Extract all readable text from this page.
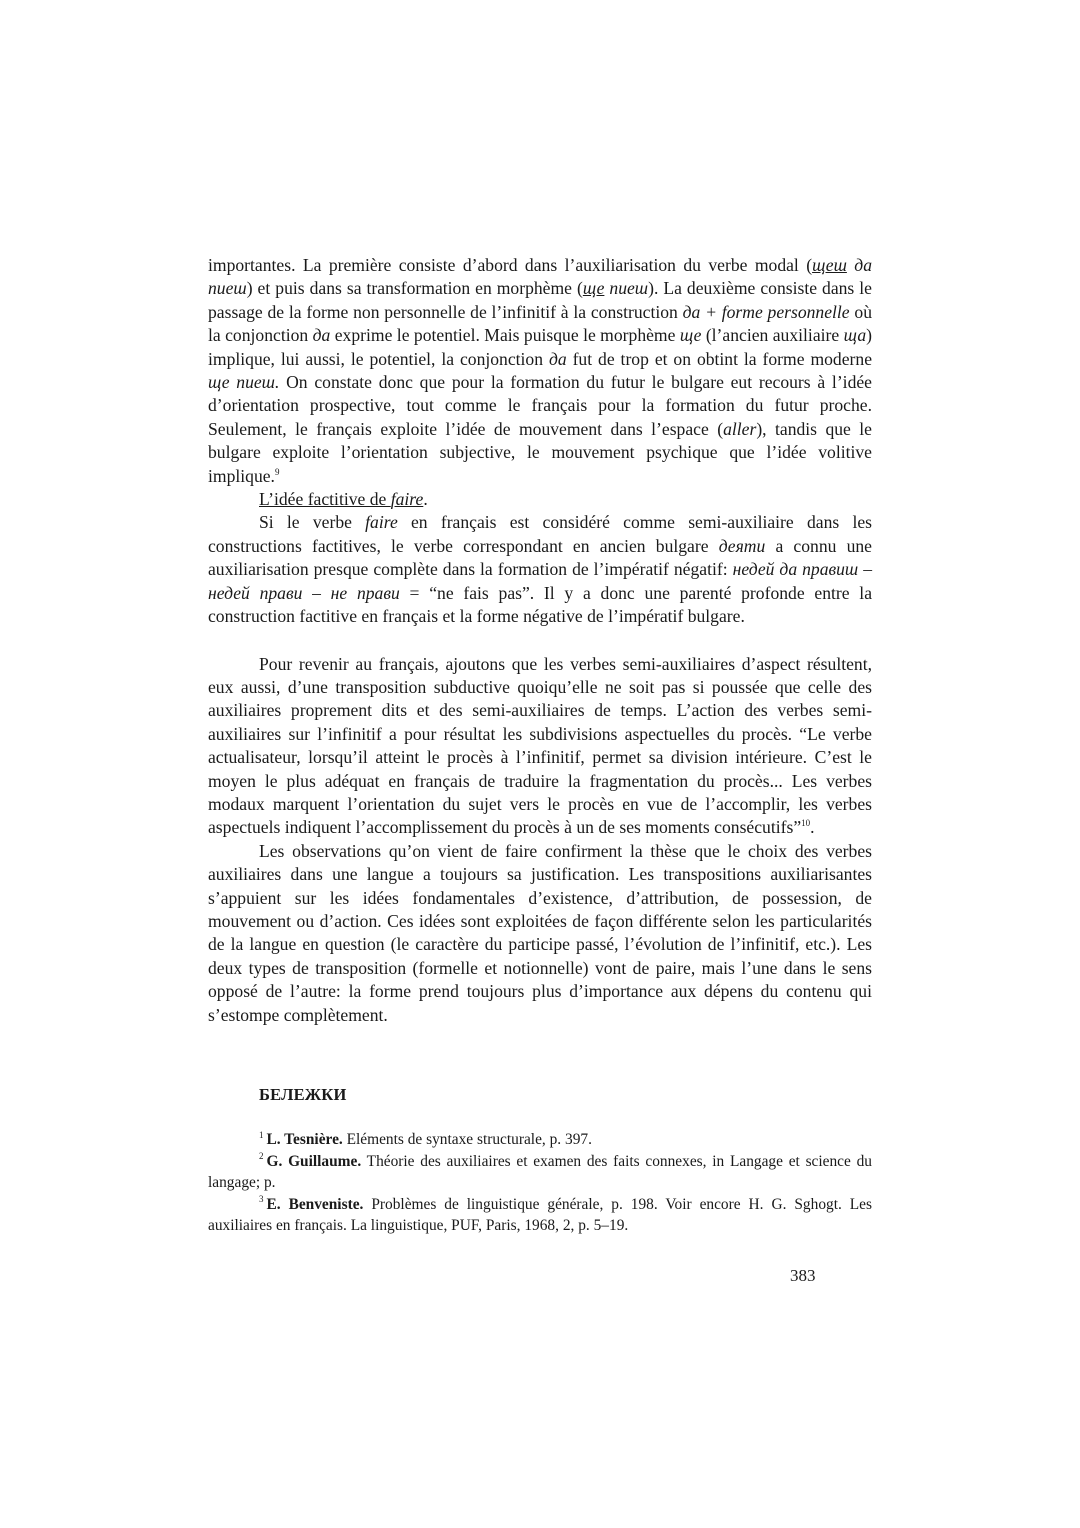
importantes. La première consiste d’abord dans l’auxiliarisation du verbe modal (щеш да пиеш) et puis dans sa transformation en morphème (ще пиеш). La deuxième consiste dans le passage de la forme non personnelle de l’infinitif à la construction да + forme personnelle où la conjonction да exprime le potentiel. Mais puisque le morphème ще (l’ancien auxiliaire ща) implique, lui aussi, le potentiel, la conjonction да fut de trop et on obtint la forme moderne ще пиеш. On constate donc que pour la formation du futur le bulgare eut recours à l’idée d’orientation prospective, tout comme le français pour la formation du futur proche. Seulement, le français exploite l’idée de mouvement dans l’espace (aller), tandis que le bulgare exploite l’orientation subjective, le mouvement psychique que l’idée volitive implique.$^9$

L’idée factitive de faire.

Si le verbe faire en français est considéré comme semi-auxiliaire dans les constructions factitives, le verbe correspondant en ancien bulgare деяти a connu une auxiliarisation presque complète dans la formation de l’impératif négatif: недей да правиш – недей прави – не прави = “ne fais pas”. Il y a donc une parenté profonde entre la construction factitive en français et la forme négative de l’impératif bulgare.

Pour revenir au français, ajoutons que les verbes semi-auxiliaires d’aspect résultent, eux aussi, d’une transposition subductive quoiqu’elle ne soit pas si poussée que celle des auxiliaires proprement dits et des semi-auxiliaires de temps. L’action des verbes semi-auxiliaires sur l’infinitif a pour résultat les subdivisions aspectuelles du procès. “Le verbe actualisateur, lorsqu’il atteint le procès à l’infinitif, permet sa division intérieure. C’est le moyen le plus adéquat en français de traduire la fragmentation du procès... Les verbes modaux marquent l’orientation du sujet vers le procès en vue de l’accomplir, les verbes aspectuels indiquent l’accomplissement du procès à un de ses moments consécutifs”$^{10}$.

Les observations qu’on vient de faire confirment la thèse que le choix des verbes auxiliaires dans une langue a toujours sa justification. Les transpositions auxiliarisantes s’appuient sur les idées fondamentales d’existence, d’attribution, de possession, de mouvement ou d’action. Ces idées sont exploitées de façon différente selon les particularités de la langue en question (le caractère du participe passé, l’évolution de l’infinitif, etc.). Les deux types de transposition (formelle et notionnelle) vont de paire, mais l’une dans le sens opposé de l’autre: la forme prend toujours plus d’importance aux dépens du contenu qui s’estompe complètement.

БЕЛЕЖКИ

$^1$ L. Tesnière. Eléments de syntaxe structurale, p. 397.

$^2$ G. Guillaume. Théorie des auxiliaires et examen des faits connexes, in Langage et science du langage; p.

$^3$ E. Benveniste. Problèmes de linguistique générale, p. 198. Voir encore H. G. Sghogt. Les auxiliaires en français. La linguistique, PUF, Paris, 1968, 2, p. 5–19.

383
